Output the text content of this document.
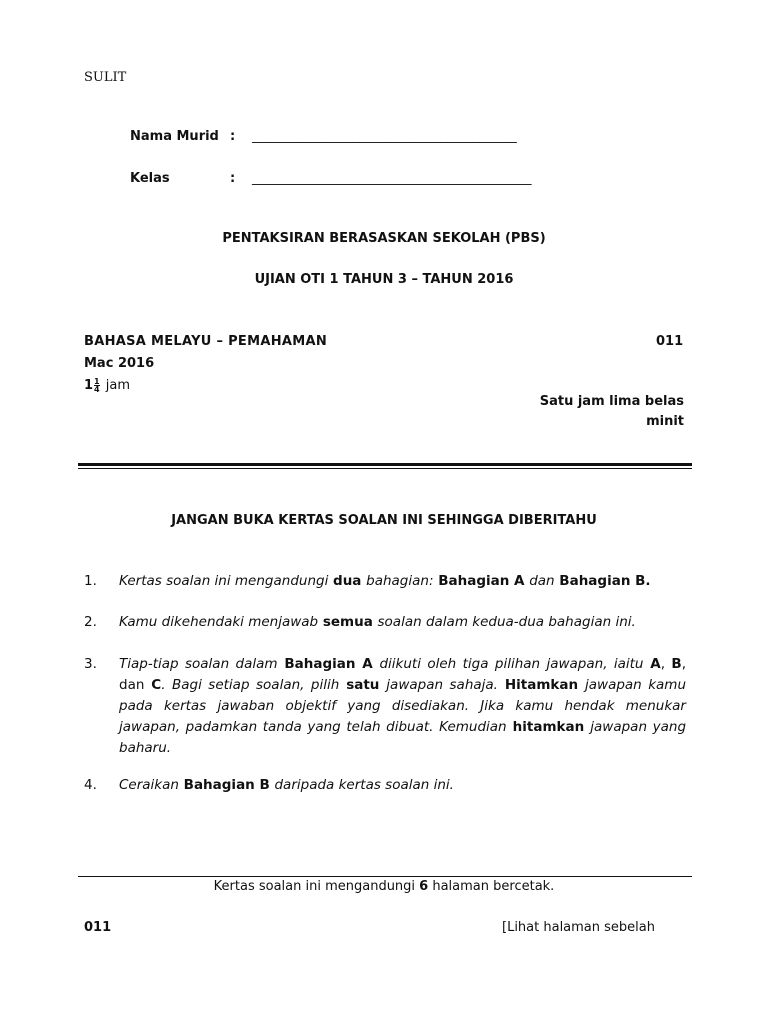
SULIT
Nama Murid : __________________________________________
Kelas	: ___________________________________________
PENTAKSIRAN BERASASKAN SEKOLAH (PBS)
UJIAN OTI 1 TAHUN 3 – TAHUN 2016
BAHASA MELAYU – PEMAHAMAN	011
Mac 2016
$1 \frac{1}{4}$ jam
Satu jam lima belas
minit
JANGAN BUKA KERTAS SOALAN INI SEHINGGA DIBERITAHU
1. Kertas soalan ini mengandungi dua bahagian: Bahagian A dan Bahagian B.
2. Kamu dikehendaki menjawab semua soalan dalam kedua-dua bahagian ini.
3. Tiap-tiap soalan dalam Bahagian A diikuti oleh tiga pilihan jawapan, iaitu A, B, dan C. Bagi setiap soalan, pilih satu jawapan sahaja. Hitamkan jawapan kamu pada kertas jawaban objektif yang disediakan. Jika kamu hendak menukar jawapan, padamkan tanda yang telah dibuat. Kemudian hitamkan jawapan yang baharu.
4. Ceraikan Bahagian B daripada kertas soalan ini.
Kertas soalan ini mengandungi 6 halaman bercetak.
011	[Lihat halaman sebelah
